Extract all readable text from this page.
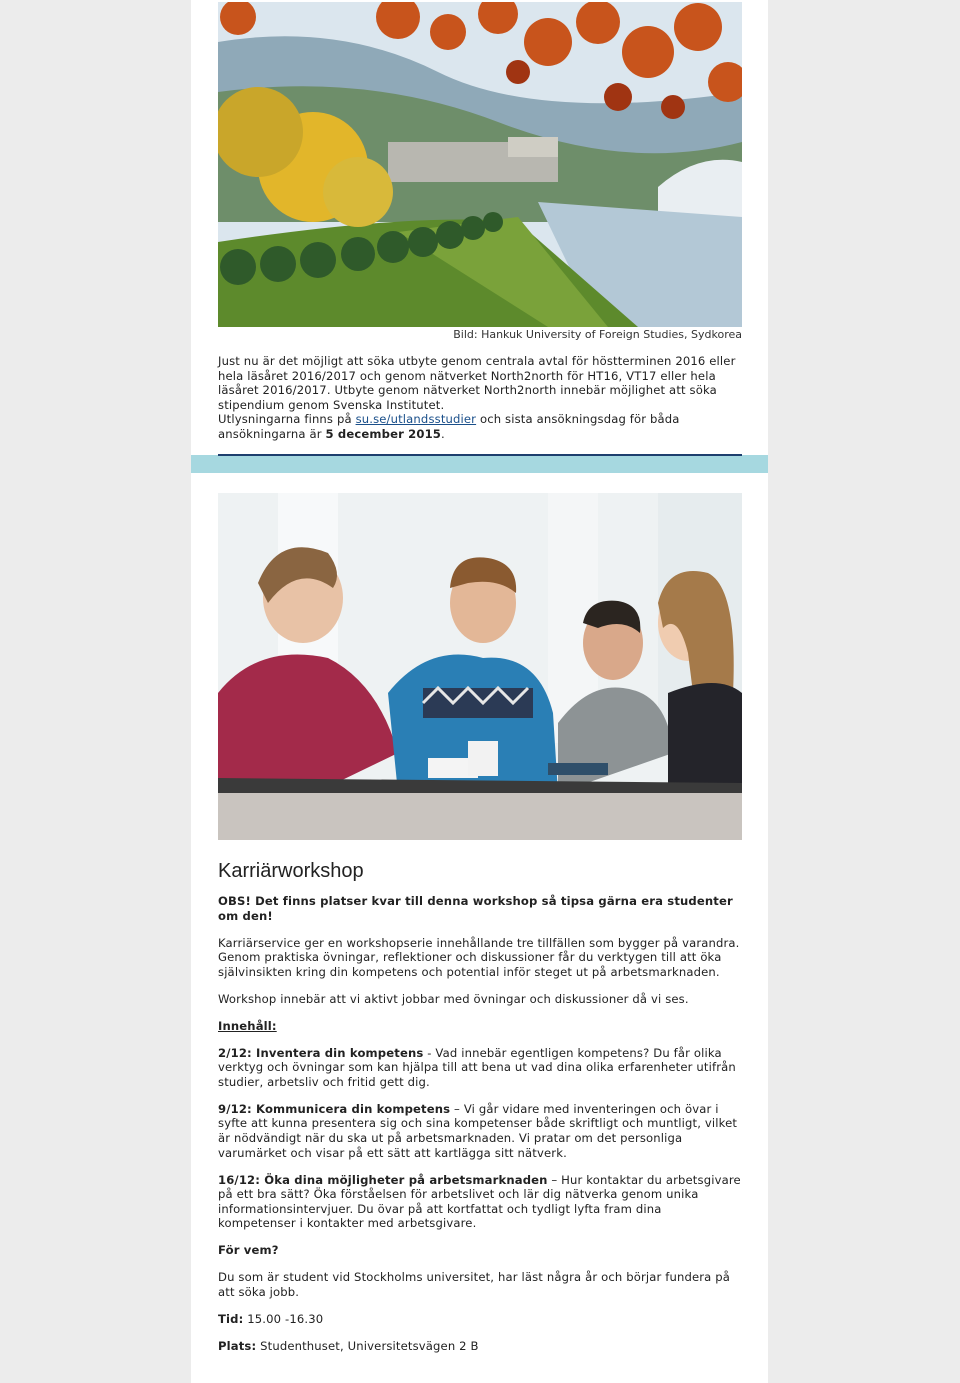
Bild: Hankuk University of Foreign Studies, Sydkorea

Just nu är det möjligt att söka utbyte genom centrala avtal för höstterminen 2016 eller hela läsåret 2016/2017 och genom nätverket North2north för HT16, VT17 eller hela läsåret 2016/2017. Utbyte genom nätverket North2north innebär möjlighet att söka stipendium genom Svenska Institutet.

Utlysningarna finns på su.se/utlandsstudier och sista ansökningsdag för båda ansökningarna är 5 december 2015.

Karriärworkshop

OBS! Det finns platser kvar till denna workshop så tipsa gärna era studenter om den!

Karriärservice ger en workshopserie innehållande tre tillfällen som bygger på varandra. Genom praktiska övningar, reflektioner och diskussioner får du verktygen till att öka självinsikten kring din kompetens och potential inför steget ut på arbetsmarknaden.

Workshop innebär att vi aktivt jobbar med övningar och diskussioner då vi ses.

Innehåll:

2/12: Inventera din kompetens - Vad innebär egentligen kompetens? Du får olika verktyg och övningar som kan hjälpa till att bena ut vad dina olika erfarenheter utifrån studier, arbetsliv och fritid gett dig.

9/12: Kommunicera din kompetens – Vi går vidare med inventeringen och övar i syfte att kunna presentera sig och sina kompetenser både skriftligt och muntligt, vilket är nödvändigt när du ska ut på arbetsmarknaden. Vi pratar om det personliga varumärket och visar på ett sätt att kartlägga sitt nätverk.

16/12: Öka dina möjligheter på arbetsmarknaden – Hur kontaktar du arbetsgivare på ett bra sätt? Öka förståelsen för arbetslivet och lär dig nätverka genom unika informationsintervjuer. Du övar på att kortfattat och tydligt lyfta fram dina kompetenser i kontakter med arbetsgivare.

För vem?

Du som är student vid Stockholms universitet, har läst några år och börjar fundera på att söka jobb.

Tid: 15.00 -16.30

Plats: Studenthuset, Universitetsvägen 2 B
